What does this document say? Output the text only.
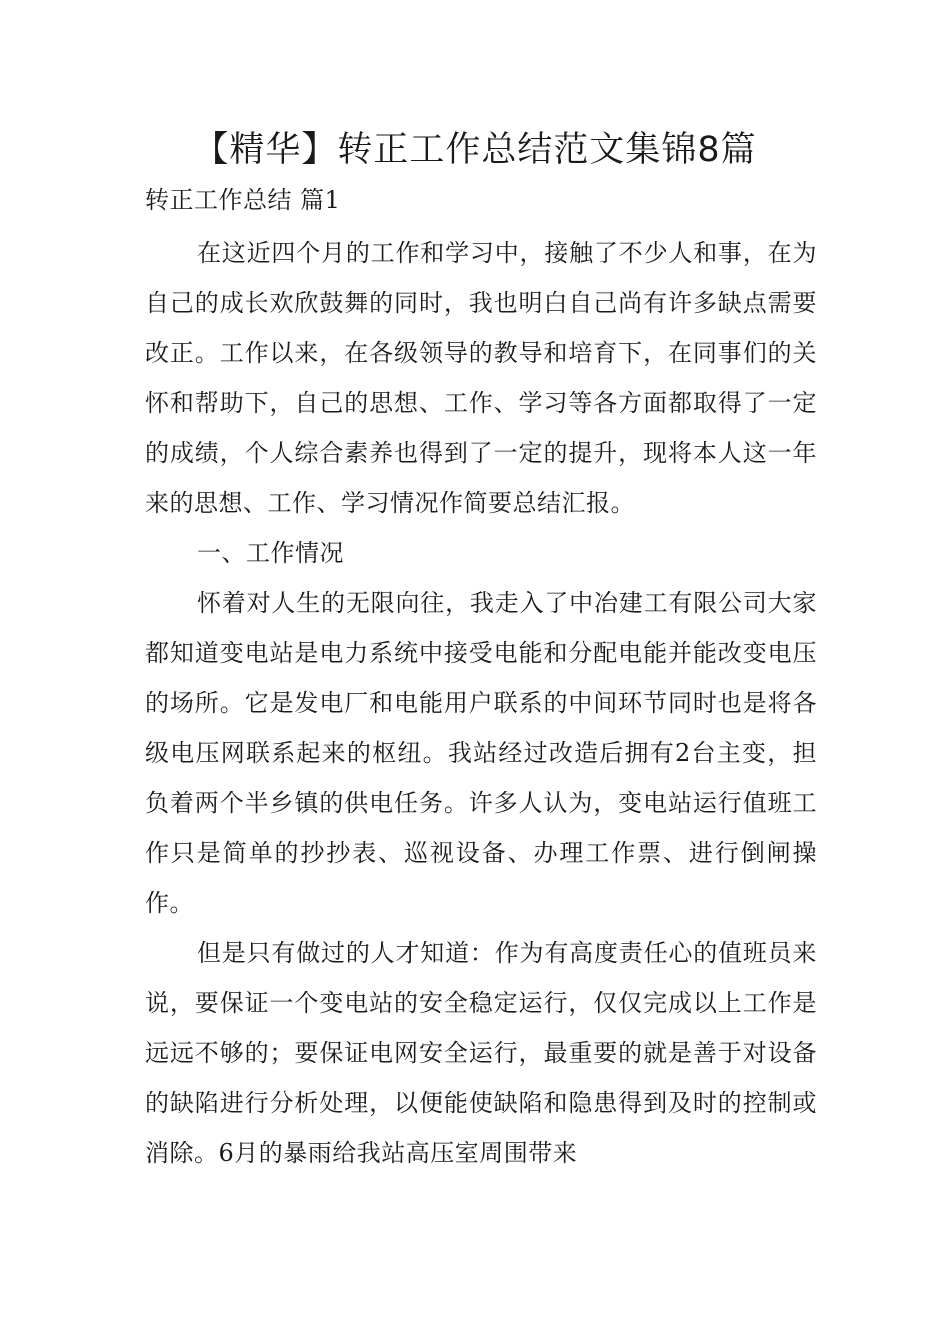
【精华】转正工作总结范文集锦8篇
转正工作总结 篇1

在这近四个月的工作和学习中，接触了不少人和事，在为自己的成长欢欣鼓舞的同时，我也明白自己尚有许多缺点需要改正。工作以来，在各级领导的教导和培育下，在同事们的关怀和帮助下，自己的思想、工作、学习等各方面都取得了一定的成绩，个人综合素养也得到了一定的提升，现将本人这一年来的思想、工作、学习情况作简要总结汇报。

一、工作情况

怀着对人生的无限向往，我走入了中冶建工有限公司大家都知道变电站是电力系统中接受电能和分配电能并能改变电压的场所。它是发电厂和电能用户联系的中间环节同时也是将各级电压网联系起来的枢纽。我站经过改造后拥有2台主变，担负着两个半乡镇的供电任务。许多人认为，变电站运行值班工作只是简单的抄抄表、巡视设备、办理工作票、进行倒闸操作。

但是只有做过的人才知道：作为有高度责任心的值班员来说，要保证一个变电站的安全稳定运行，仅仅完成以上工作是远远不够的；要保证电网安全运行，最重要的就是善于对设备的缺陷进行分析处理，以便能使缺陷和隐患得到及时的控制或消除。6月的暴雨给我站高压室周围带来
